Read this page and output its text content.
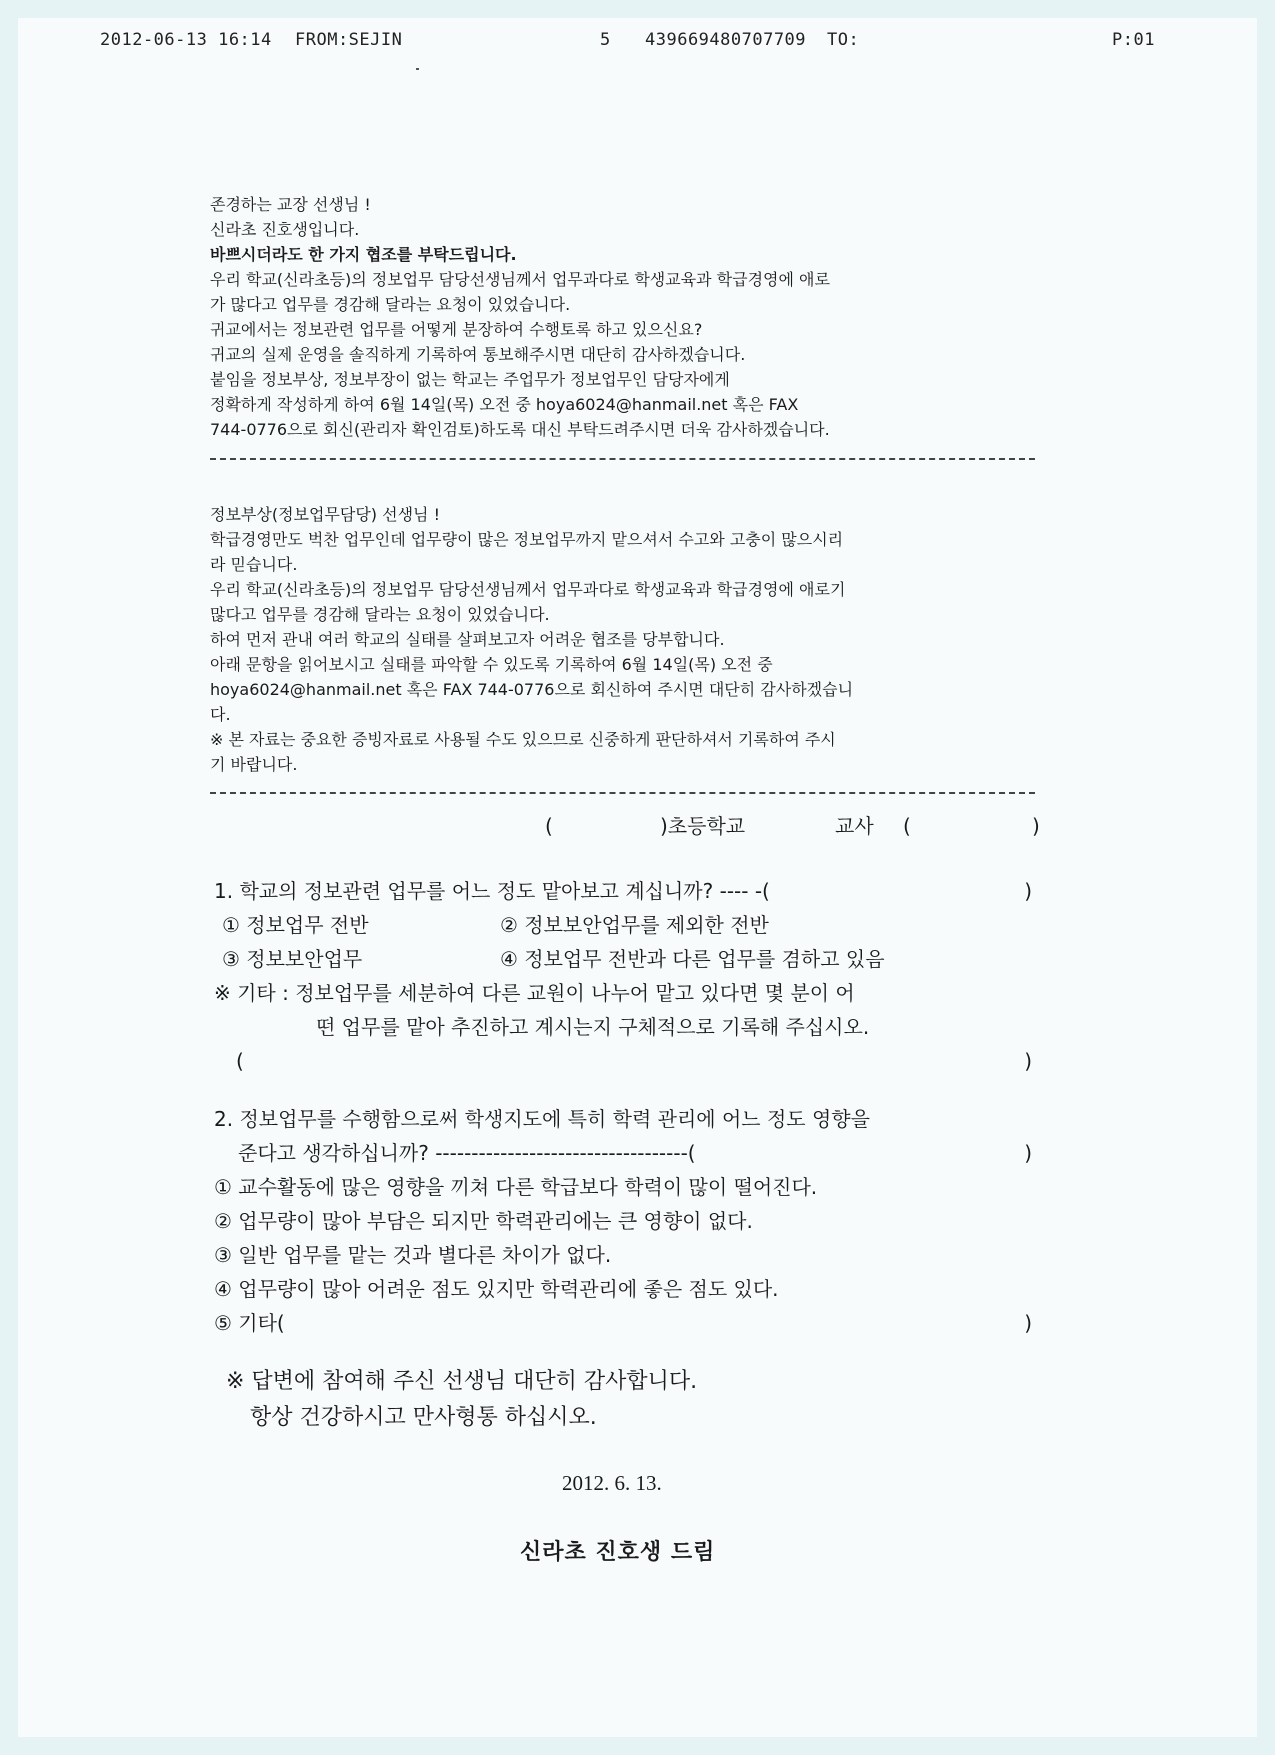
2012-06-13 16:14 FROM:SEJIN	5 439669480707709 TO:	P:01

존경하는 교장 선생님 !

신라초 진호생입니다.

바쁘시더라도 한 가지 협조를 부탁드립니다.

우리 학교(신라초등)의 정보업무 담당선생님께서 업무과다로 학생교육과 학급경영에 애로

가 많다고 업무를 경감해 달라는 요청이 있었습니다.

귀교에서는 정보관련 업무를 어떻게 분장하여 수행토록 하고 있으신요?

귀교의 실제 운영을 솔직하게 기록하여 통보해주시면 대단히 감사하겠습니다.

붙임을 정보부상, 정보부장이 없는 학교는 주업무가 정보업무인 담당자에게

정확하게 작성하게 하여 6월 14일(목) 오전 중 hoya6024@hanmail.net 혹은 FAX

744-0776으로 회신(관리자 확인검토)하도록 대신 부탁드려주시면 더욱 감사하겠습니다.

정보부상(정보업무담당) 선생님 !

학급경영만도 벅찬 업무인데 업무량이 많은 정보업무까지 맡으셔서 수고와 고충이 많으시리

라 믿습니다.

우리 학교(신라초등)의 정보업무 담당선생님께서 업무과다로 학생교육과 학급경영에 애로기

많다고 업무를 경감해 달라는 요청이 있었습니다.

하여 먼저 관내 여러 학교의 실태를 살펴보고자 어려운 협조를 당부합니다.

아래 문항을 읽어보시고 실태를 파악할 수 있도록 기록하여 6월 14일(목) 오전 중

hoya6024@hanmail.net 혹은 FAX 744-0776으로 회신하여 주시면 대단히 감사하겠습니

다.

※ 본 자료는 중요한 증빙자료로 사용될 수도 있으므로 신중하게 판단하셔서 기록하여 주시

기 바랍니다.

(	)초등학교	교사 (	)
1. 학교의 정보관련 업무를 어느 정도 맡아보고 계십니까? ---- -(	)
① 정보업무 전반	② 정보보안업무를 제외한 전반
③ 정보보안업무	④ 정보업무 전반과 다른 업무를 겸하고 있음
※ 기타 : 정보업무를 세분하여 다른 교원이 나누어 맡고 있다면 몇 분이 어
떤 업무를 맡아 추진하고 계시는지 구체적으로 기록해 주십시오.
(	)
2. 정보업무를 수행함으로써 학생지도에 특히 학력 관리에 어느 정도 영향을
준다고 생각하십니까? -----------------------------------(	)
① 교수활동에 많은 영향을 끼쳐 다른 학급보다 학력이 많이 떨어진다.
② 업무량이 많아 부담은 되지만 학력관리에는 큰 영향이 없다.
③ 일반 업무를 맡는 것과 별다른 차이가 없다.
④ 업무량이 많아 어려운 점도 있지만 학력관리에 좋은 점도 있다.
⑤ 기타(	)

※ 답변에 참여해 주신 선생님 대단히 감사합니다.

항상 건강하시고 만사형통 하십시오.

2012. 6. 13.
신라초 진호생 드림
